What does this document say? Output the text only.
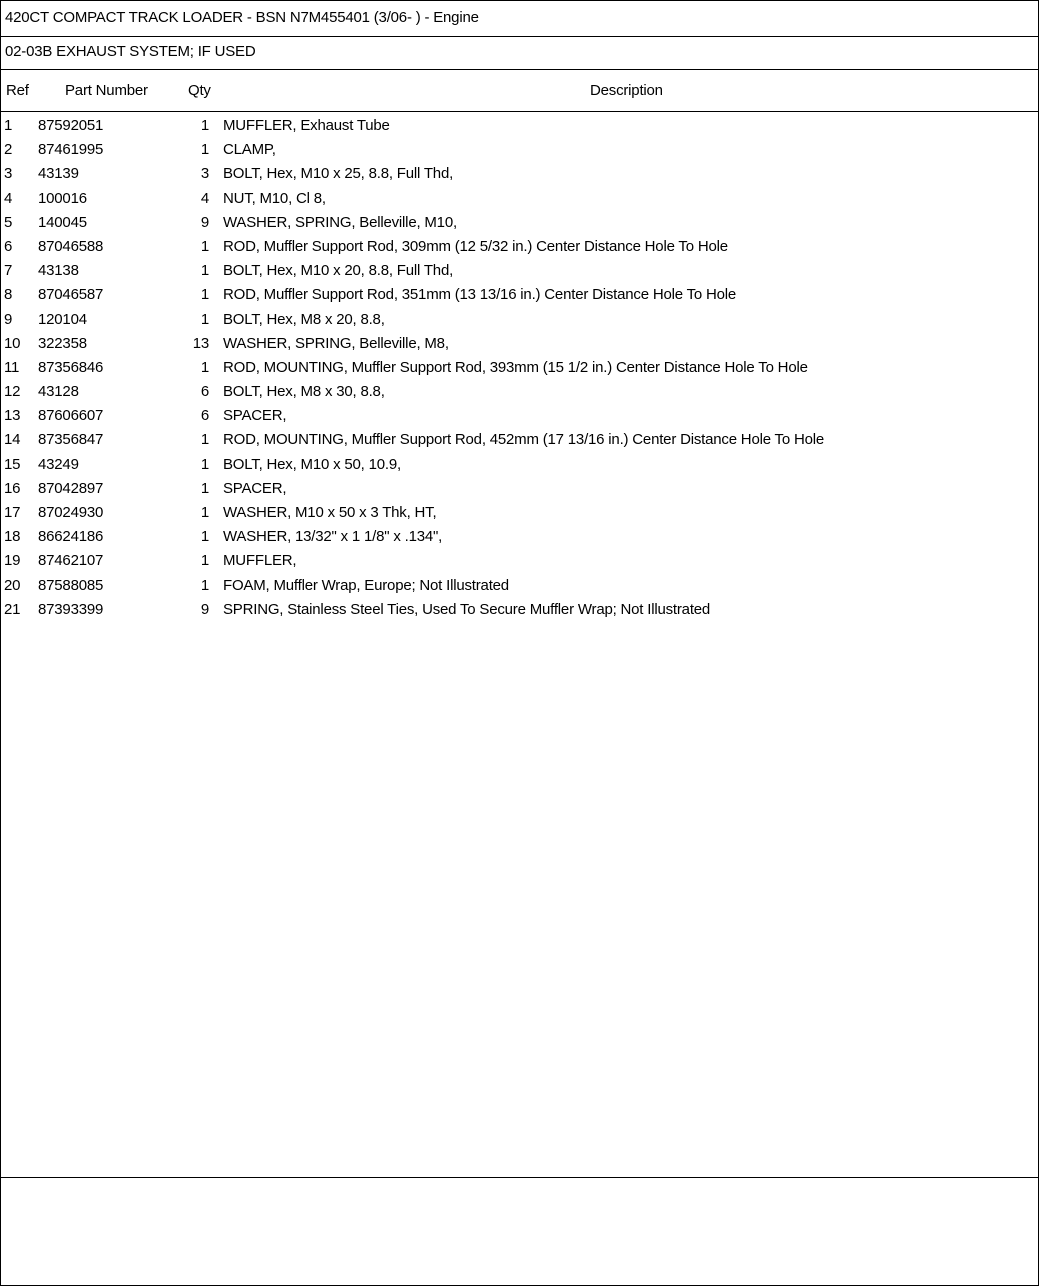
420CT COMPACT TRACK LOADER - BSN N7M455401 (3/06- ) - Engine
02-03B EXHAUST SYSTEM; IF USED
Ref Part Number	Qty	Description
1 87592051	1 MUFFLER, Exhaust Tube
2 87461995	1 CLAMP,
3 43139	3 BOLT, Hex, M10 x 25, 8.8, Full Thd,
4 100016	4 NUT, M10, Cl 8,
5 140045	9 WASHER, SPRING, Belleville, M10,
6 87046588	1 ROD, Muffler Support Rod, 309mm (12 5/32 in.) Center Distance Hole To Hole
7 43138	1 BOLT, Hex, M10 x 20, 8.8, Full Thd,
8 87046587	1 ROD, Muffler Support Rod, 351mm (13 13/16 in.) Center Distance Hole To Hole
9 120104	1 BOLT, Hex, M8 x 20, 8.8,
10 322358	13 WASHER, SPRING, Belleville, M8,
11 87356846	1 ROD, MOUNTING, Muffler Support Rod, 393mm (15 1/2 in.) Center Distance Hole To Hole
12 43128	6 BOLT, Hex, M8 x 30, 8.8,
13 87606607	6 SPACER,
14 87356847	1 ROD, MOUNTING, Muffler Support Rod, 452mm (17 13/16 in.) Center Distance Hole To Hole
15 43249	1 BOLT, Hex, M10 x 50, 10.9,
16 87042897	1 SPACER,
17 87024930	1 WASHER, M10 x 50 x 3 Thk, HT,
18 86624186	1 WASHER, 13/32" x 1 1/8" x .134",
19 87462107	1 MUFFLER,
20 87588085	1 FOAM, Muffler Wrap, Europe; Not Illustrated
21 87393399	9 SPRING, Stainless Steel Ties, Used To Secure Muffler Wrap; Not Illustrated
